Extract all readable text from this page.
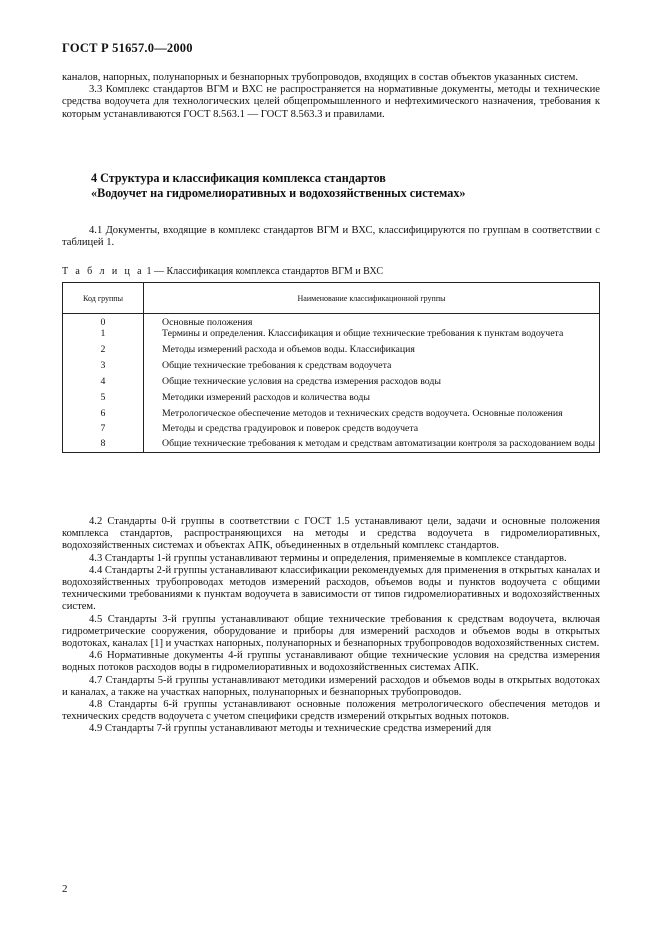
ГОСТ Р 51657.0—2000

каналов, напорных, полунапорных и безнапорных трубопроводов, входящих в состав объектов указанных систем.

3.3 Комплекс стандартов ВГМ и ВХС не распространяется на нормативные документы, методы и технические средства водоучета для технологических целей общепромышленного и нефтехимического назначения, требования к которым устанавливаются ГОСТ 8.563.1 — ГОСТ 8.563.3 и правилами.

4 Структура и классификация комплекса стандартов
«Водоучет на гидромелиоративных и водохозяйственных системах»

4.1 Документы, входящие в комплекс стандартов ВГМ и ВХС, классифицируются по группам в соответствии с таблицей 1.

Т а б л и ц а 1 — Классификация комплекса стандартов ВГМ и ВХС
Код группы	Наименование классификационной группы
0	Основные положения

1	Термины и определения. Классификация и общие технические требования к пунктам водоучета

2	Методы измерений расхода и объемов воды. Классификация

3	Общие технические требования к средствам водоучета

4	Общие технические условия на средства измерения расходов воды

5	Методики измерений расходов и количества воды

6	Метрологическое обеспечение методов и технических средств водоучета. Основные положения

7	Методы и средства градуировок и поверок средств водоучета

8	Общие технические требования к методам и средствам автоматизации контроля за расходованием воды

4.2 Стандарты 0-й группы в соответствии с ГОСТ 1.5 устанавливают цели, задачи и основные положения комплекса стандартов, распространяющихся на методы и средства водоучета в гидромелиоративных, водохозяйственных системах и объектах АПК, объединенных в отдельный комплекс стандартов.

4.3 Стандарты 1-й группы устанавливают термины и определения, применяемые в комплексе стандартов.

4.4 Стандарты 2-й группы устанавливают классификации рекомендуемых для применения в открытых каналах и водохозяйственных трубопроводах методов измерений расходов, объемов воды и пунктов водоучета с общими техническими требованиями к пунктам водоучета в зависимости от типов гидромелиоративных и водохозяйственных систем.

4.5 Стандарты 3-й группы устанавливают общие технические требования к средствам водоучета, включая гидрометрические сооружения, оборудование и приборы для измерений расходов и объемов воды в открытых водотоках, каналах [1] и участках напорных, полунапорных и безнапорных трубопроводов водохозяйственных систем.

4.6 Нормативные документы 4-й группы устанавливают общие технические условия на средства измерения водных потоков расходов воды в гидромелиоративных и водохозяйственных системах АПК.

4.7 Стандарты 5-й группы устанавливают методики измерений расходов и объемов воды в открытых водотоках и каналах, а также на участках напорных, полунапорных и безнапорных трубопроводов.

4.8 Стандарты 6-й группы устанавливают основные положения метрологического обеспечения методов и технических средств водоучета с учетом специфики средств измерений открытых водных потоков.

4.9 Стандарты 7-й группы устанавливают методы и технические средства измерений для

2
